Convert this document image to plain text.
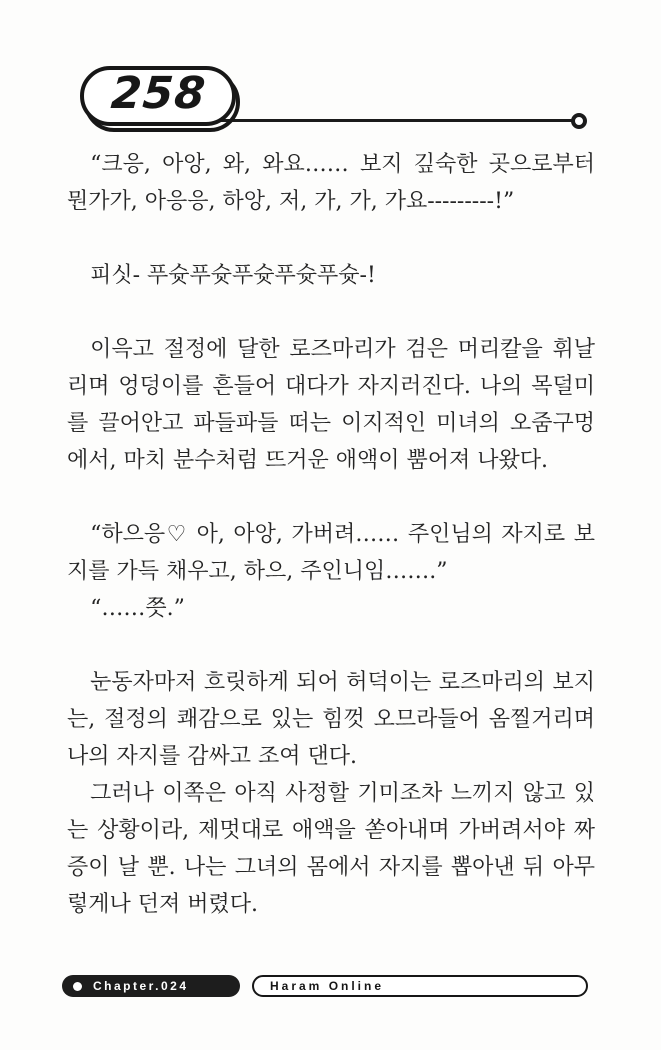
258

“크응, 아앙, 와, 와요…… 보지 깊숙한 곳으로부터 뭔가가, 아응응, 하앙, 저, 가, 가, 가요---------!”

피싯- 푸슛푸슛푸슛푸슛푸슛-!

이윽고 절정에 달한 로즈마리가 검은 머리칼을 휘날리며 엉덩이를 흔들어 대다가 자지러진다. 나의 목덜미를 끌어안고 파들파들 떠는 이지적인 미녀의 오줌구멍에서, 마치 분수처럼 뜨거운 애액이 뿜어져 나왔다.

“하으응♡ 아, 아앙, 가버려…… 주인님의 자지로 보지를 가득 채우고, 하으, 주인니임…….”

“……쯧.”

눈동자마저 흐릿하게 되어 허덕이는 로즈마리의 보지는, 절정의 쾌감으로 있는 힘껏 오므라들어 옴찔거리며 나의 자지를 감싸고 조여 댄다.

그러나 이쪽은 아직 사정할 기미조차 느끼지 않고 있는 상황이라, 제멋대로 애액을 쏟아내며 가버려서야 짜증이 날 뿐. 나는 그녀의 몸에서 자지를 뽑아낸 뒤 아무렇게나 던져 버렸다.

Chapter.024	Haram Online
